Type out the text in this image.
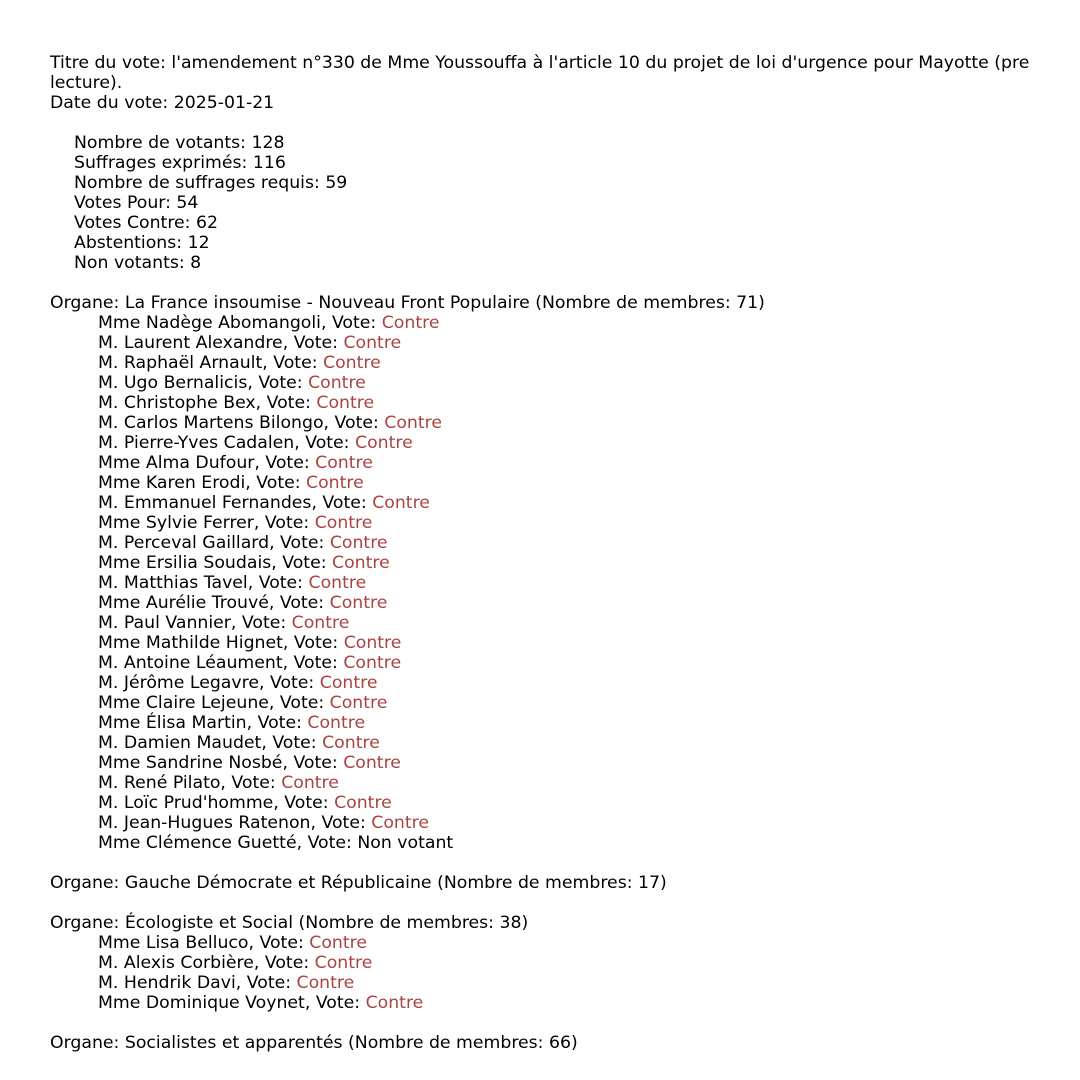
Titre du vote: l'amendement n°330 de Mme Youssouffa à l'article 10 du projet de loi d'urgence pour Mayotte (pre
lecture).
Date du vote: 2025-01-21
Nombre de votants: 128
Suffrages exprimés: 116
Nombre de suffrages requis: 59
Votes Pour: 54
Votes Contre: 62
Abstentions: 12
Non votants: 8
Organe: La France insoumise - Nouveau Front Populaire (Nombre de membres: 71)
Mme Nadège Abomangoli, Vote: Contre
M. Laurent Alexandre, Vote: Contre
M. Raphaël Arnault, Vote: Contre
M. Ugo Bernalicis, Vote: Contre
M. Christophe Bex, Vote: Contre
M. Carlos Martens Bilongo, Vote: Contre
M. Pierre-Yves Cadalen, Vote: Contre
Mme Alma Dufour, Vote: Contre
Mme Karen Erodi, Vote: Contre
M. Emmanuel Fernandes, Vote: Contre
Mme Sylvie Ferrer, Vote: Contre
M. Perceval Gaillard, Vote: Contre
Mme Ersilia Soudais, Vote: Contre
M. Matthias Tavel, Vote: Contre
Mme Aurélie Trouvé, Vote: Contre
M. Paul Vannier, Vote: Contre
Mme Mathilde Hignet, Vote: Contre
M. Antoine Léaument, Vote: Contre
M. Jérôme Legavre, Vote: Contre
Mme Claire Lejeune, Vote: Contre
Mme Élisa Martin, Vote: Contre
M. Damien Maudet, Vote: Contre
Mme Sandrine Nosbé, Vote: Contre
M. René Pilato, Vote: Contre
M. Loïc Prud'homme, Vote: Contre
M. Jean-Hugues Ratenon, Vote: Contre
Mme Clémence Guetté, Vote: Non votant
Organe: Gauche Démocrate et Républicaine (Nombre de membres: 17)
Organe: Écologiste et Social (Nombre de membres: 38)
Mme Lisa Belluco, Vote: Contre
M. Alexis Corbière, Vote: Contre
M. Hendrik Davi, Vote: Contre
Mme Dominique Voynet, Vote: Contre
Organe: Socialistes et apparentés (Nombre de membres: 66)
